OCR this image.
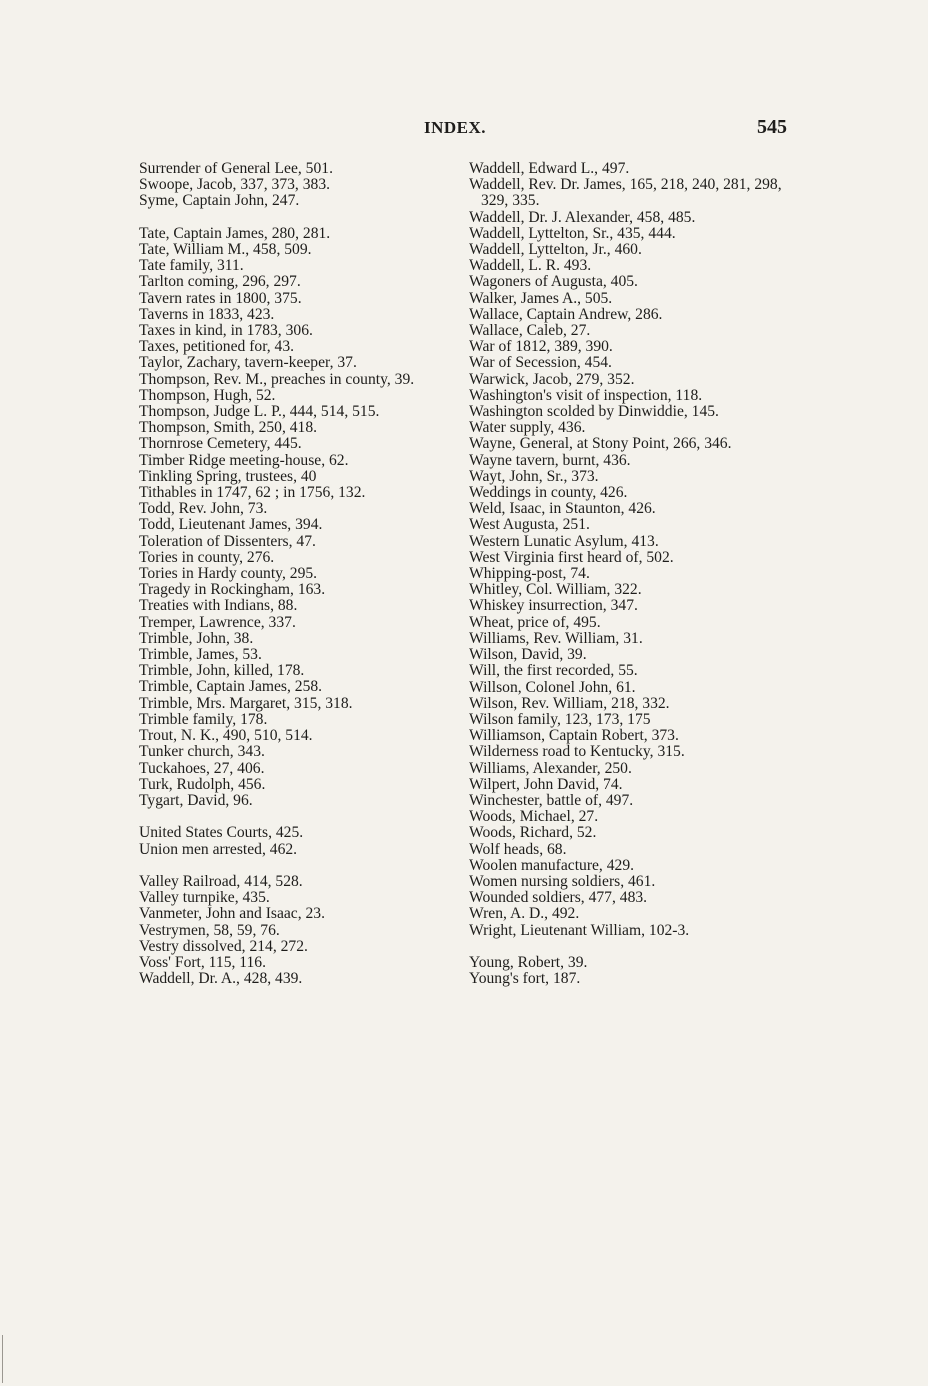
INDEX.	545
Surrender of General Lee, 501.
Swoope, Jacob, 337, 373, 383.
Syme, Captain John, 247.
Tate, Captain James, 280, 281.
Tate, William M., 458, 509.
Tate family, 311.
Tarlton coming, 296, 297.
Tavern rates in 1800, 375.
Taverns in 1833, 423.
Taxes in kind, in 1783, 306.
Taxes, petitioned for, 43.
Taylor, Zachary, tavern-keeper, 37.
Thompson, Rev. M., preaches in county, 39.
Thompson, Hugh, 52.
Thompson, Judge L. P., 444, 514, 515.
Thompson, Smith, 250, 418.
Thornrose Cemetery, 445.
Timber Ridge meeting-house, 62.
Tinkling Spring, trustees, 40
Tithables in 1747, 62 ; in 1756, 132.
Todd, Rev. John, 73.
Todd, Lieutenant James, 394.
Toleration of Dissenters, 47.
Tories in county, 276.
Tories in Hardy county, 295.
Tragedy in Rockingham, 163.
Treaties with Indians, 88.
Tremper, Lawrence, 337.
Trimble, John, 38.
Trimble, James, 53.
Trimble, John, killed, 178.
Trimble, Captain James, 258.
Trimble, Mrs. Margaret, 315, 318.
Trimble family, 178.
Trout, N. K., 490, 510, 514.
Tunker church, 343.
Tuckahoes, 27, 406.
Turk, Rudolph, 456.
Tygart, David, 96.
United States Courts, 425.
Union men arrested, 462.
Valley Railroad, 414, 528.
Valley turnpike, 435.
Vanmeter, John and Isaac, 23.
Vestrymen, 58, 59, 76.
Vestry dissolved, 214, 272.
Voss' Fort, 115, 116.
Waddell, Dr. A., 428, 439.
Waddell, Edward L., 497.
Waddell, Rev. Dr. James, 165, 218, 240, 281, 298, 329, 335.
Waddell, Dr. J. Alexander, 458, 485.
Waddell, Lyttelton, Sr., 435, 444.
Waddell, Lyttelton, Jr., 460.
Waddell, L. R. 493.
Wagoners of Augusta, 405.
Walker, James A., 505.
Wallace, Captain Andrew, 286.
Wallace, Caleb, 27.
War of 1812, 389, 390.
War of Secession, 454.
Warwick, Jacob, 279, 352.
Washington's visit of inspection, 118.
Washington scolded by Dinwiddie, 145.
Water supply, 436.
Wayne, General, at Stony Point, 266, 346.
Wayne tavern, burnt, 436.
Wayt, John, Sr., 373.
Weddings in county, 426.
Weld, Isaac, in Staunton, 426.
West Augusta, 251.
Western Lunatic Asylum, 413.
West Virginia first heard of, 502.
Whipping-post, 74.
Whitley, Col. William, 322.
Whiskey insurrection, 347.
Wheat, price of, 495.
Williams, Rev. William, 31.
Wilson, David, 39.
Will, the first recorded, 55.
Willson, Colonel John, 61.
Wilson, Rev. William, 218, 332.
Wilson family, 123, 173, 175
Williamson, Captain Robert, 373.
Wilderness road to Kentucky, 315.
Williams, Alexander, 250.
Wilpert, John David, 74.
Winchester, battle of, 497.
Woods, Michael, 27.
Woods, Richard, 52.
Wolf heads, 68.
Woolen manufacture, 429.
Women nursing soldiers, 461.
Wounded soldiers, 477, 483.
Wren, A. D., 492.
Wright, Lieutenant William, 102-3.
Young, Robert, 39.
Young's fort, 187.
